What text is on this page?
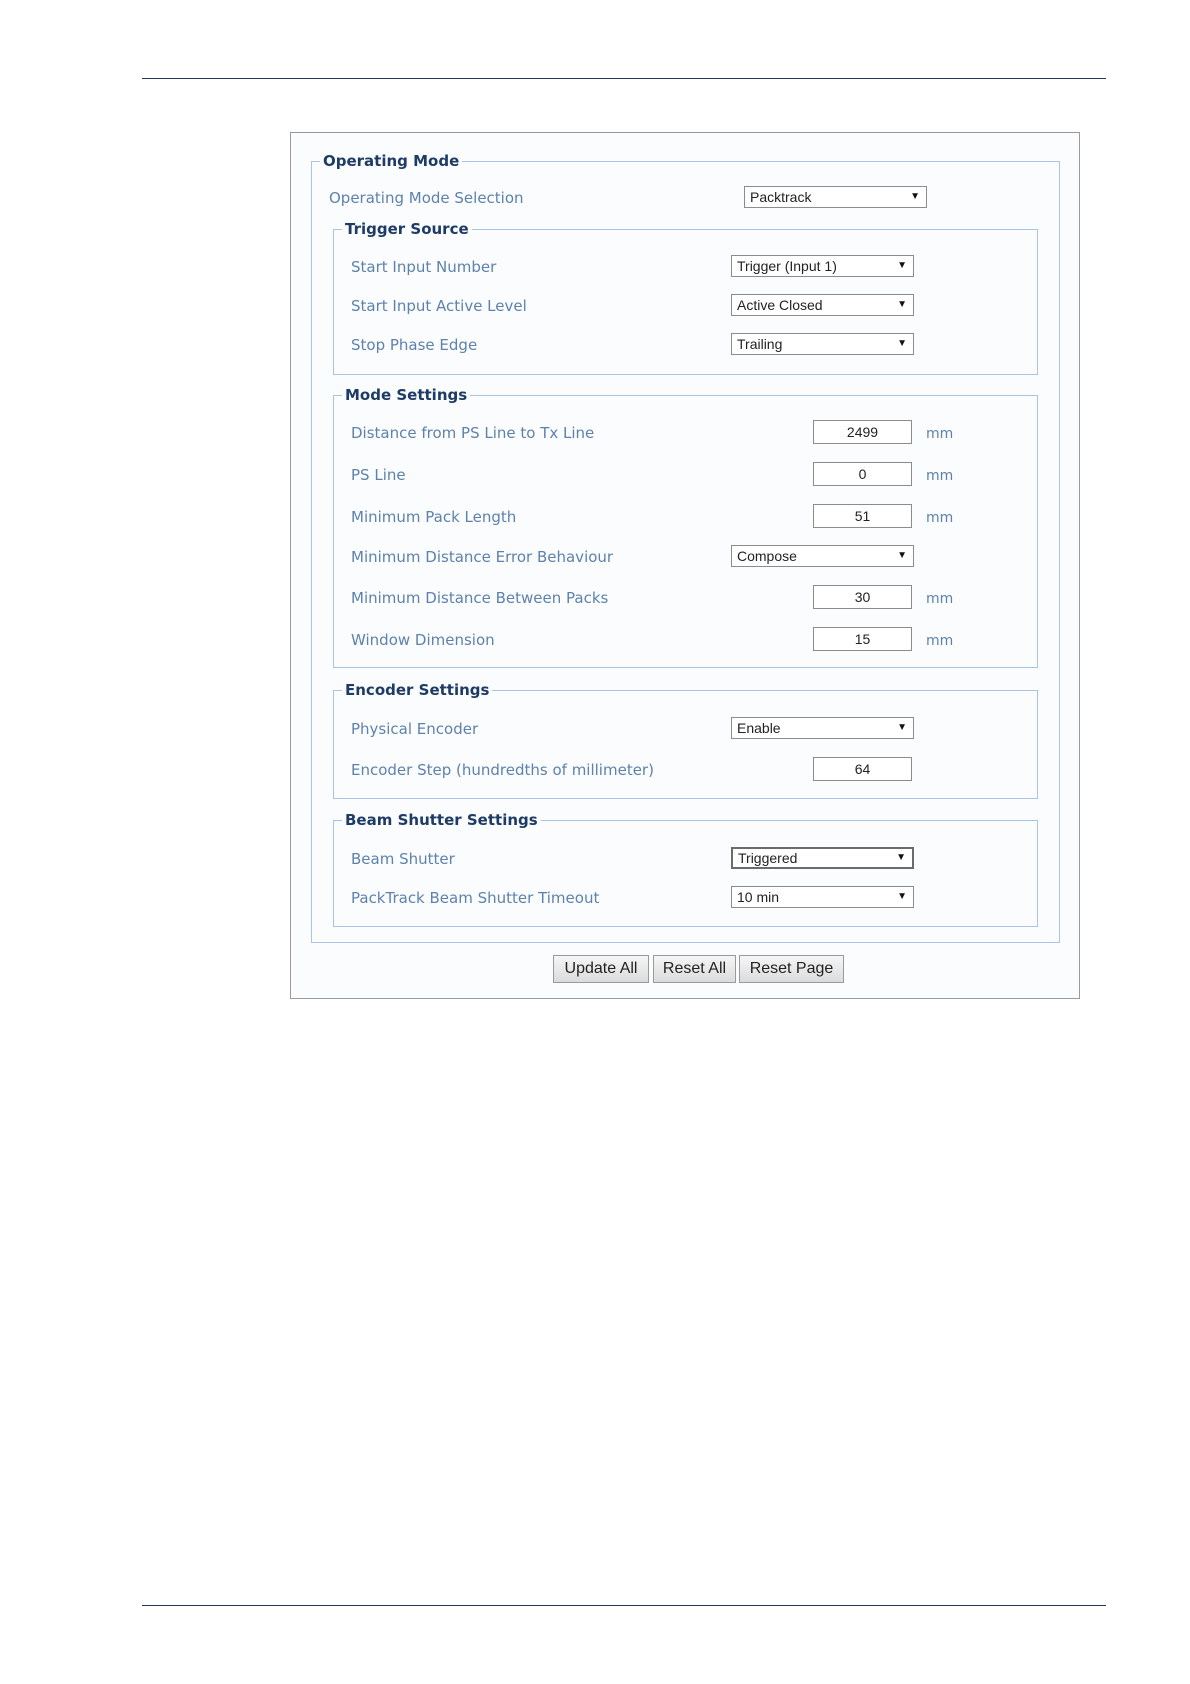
Operating Mode
Operating Mode Selection	Packtrack	▼
Trigger Source
Start Input Number	Trigger (Input 1)	▼
Start Input Active Level	Active Closed	▼
Stop Phase Edge	Trailing	▼
Mode Settings
Distance from PS Line to Tx Line	2499	mm
PS Line	0	mm
Minimum Pack Length	51	mm
Minimum Distance Error Behaviour	Compose	▼
Minimum Distance Between Packs	30	mm
Window Dimension	15	mm
Encoder Settings
Physical Encoder	Enable	▼
Encoder Step (hundredths of millimeter)	64
Beam Shutter Settings
Beam Shutter	Triggered	▼
PackTrack Beam Shutter Timeout	10 min	▼
Update All	Reset All	Reset Page
